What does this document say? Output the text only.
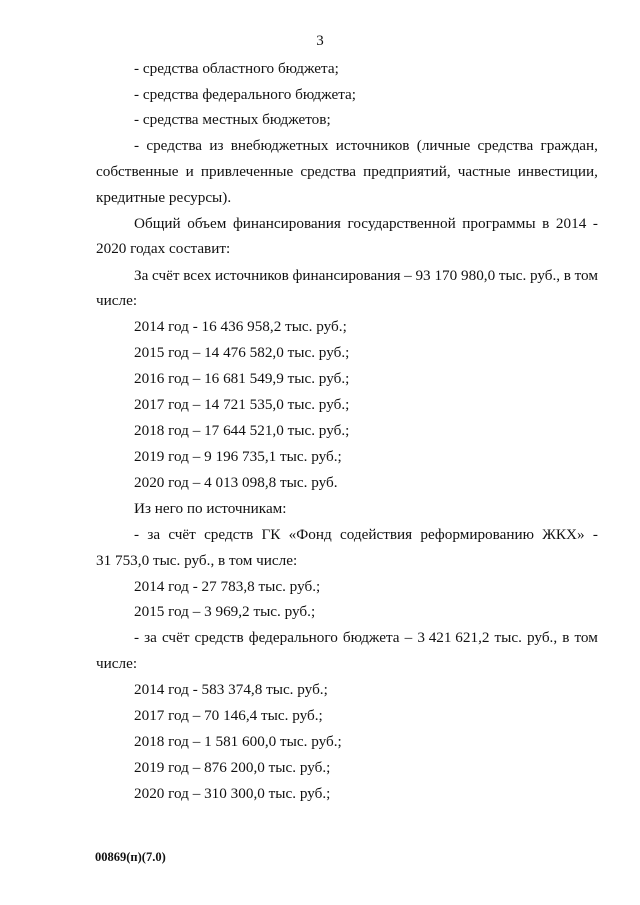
3
- средства областного бюджета;
- средства федерального бюджета;
- средства местных бюджетов;
- средства из внебюджетных источников (личные средства граждан,
собственные и привлеченные средства предприятий, частные инвестиции,
кредитные ресурсы).
Общий объем финансирования государственной программы в 2014 -
2020 годах составит:
За счёт всех источников финансирования – 93 170 980,0 тыс. руб., в том
числе:
2014 год - 16 436 958,2 тыс. руб.;
2015 год – 14 476 582,0 тыс. руб.;
2016 год – 16 681 549,9 тыс. руб.;
2017 год – 14 721 535,0 тыс. руб.;
2018 год – 17 644 521,0 тыс. руб.;
2019 год – 9 196 735,1 тыс. руб.;
2020 год – 4 013 098,8 тыс. руб.
Из него по источникам:
- за счёт средств ГК «Фонд содействия реформированию ЖКХ» -
31 753,0 тыс. руб., в том числе:
2014 год - 27 783,8 тыс. руб.;
2015 год – 3 969,2 тыс. руб.;
- за счёт средств федерального бюджета – 3 421 621,2 тыс. руб., в том
числе:
2014 год - 583 374,8 тыс. руб.;
2017 год – 70 146,4 тыс. руб.;
2018 год – 1 581 600,0 тыс. руб.;
2019 год – 876 200,0 тыс. руб.;
2020 год – 310 300,0 тыс. руб.;
00869(п)(7.0)
